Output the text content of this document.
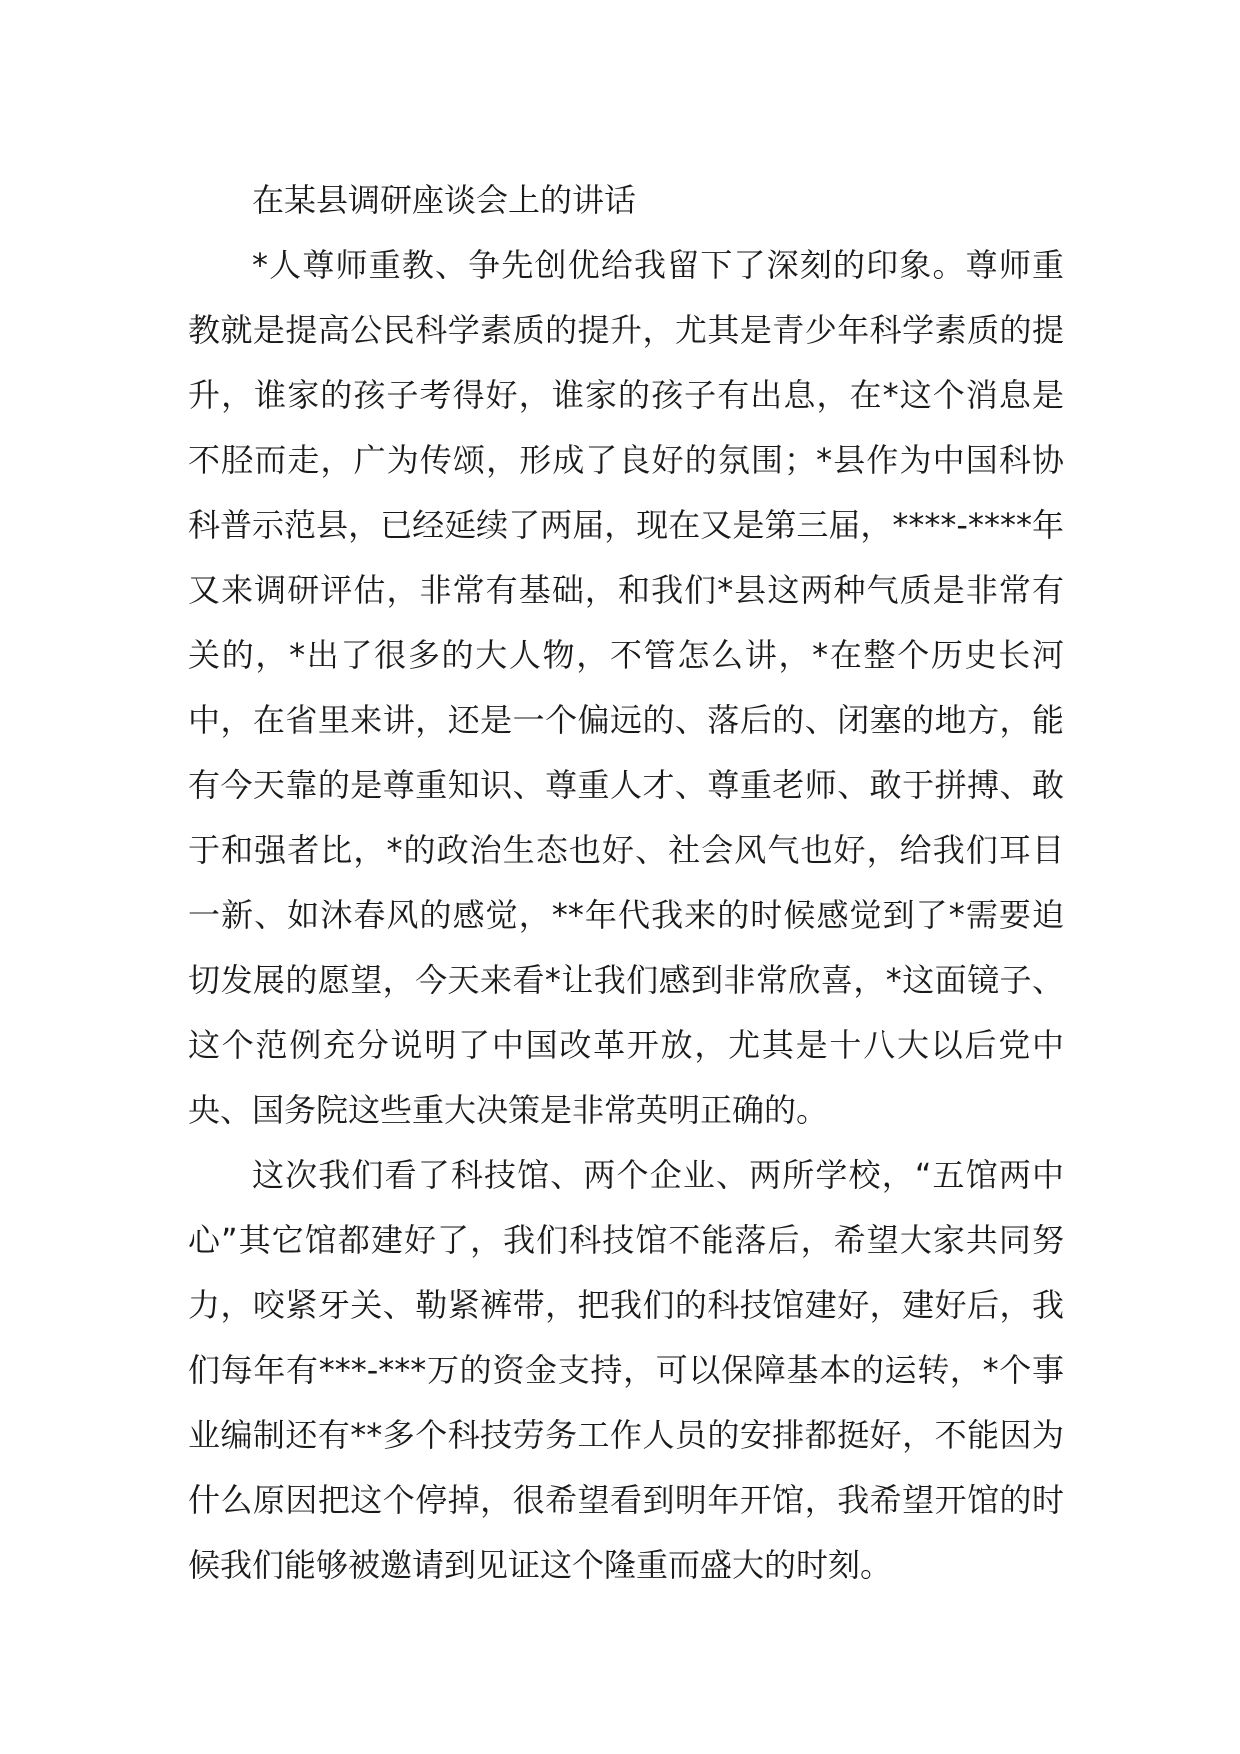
在某县调研座谈会上的讲话

*人尊师重教、争先创优给我留下了深刻的印象。尊师重教就是提高公民科学素质的提升，尤其是青少年科学素质的提升，谁家的孩子考得好，谁家的孩子有出息，在*这个消息是不胫而走，广为传颂，形成了良好的氛围；*县作为中国科协科普示范县，已经延续了两届，现在又是第三届，****-****年又来调研评估，非常有基础，和我们*县这两种气质是非常有关的，*出了很多的大人物，不管怎么讲，*在整个历史长河中，在省里来讲，还是一个偏远的、落后的、闭塞的地方，能有今天靠的是尊重知识、尊重人才、尊重老师、敢于拼搏、敢于和强者比，*的政治生态也好、社会风气也好，给我们耳目一新、如沐春风的感觉，**年代我来的时候感觉到了*需要迫切发展的愿望，今天来看*让我们感到非常欣喜，*这面镜子、这个范例充分说明了中国改革开放，尤其是十八大以后党中央、国务院这些重大决策是非常英明正确的。

这次我们看了科技馆、两个企业、两所学校，“五馆两中心”其它馆都建好了，我们科技馆不能落后，希望大家共同努力，咬紧牙关、勒紧裤带，把我们的科技馆建好，建好后，我们每年有***-***万的资金支持，可以保障基本的运转，*个事业编制还有**多个科技劳务工作人员的安排都挺好，不能因为什么原因把这个停掉，很希望看到明年开馆，我希望开馆的时候我们能够被邀请到见证这个隆重而盛大的时刻。
